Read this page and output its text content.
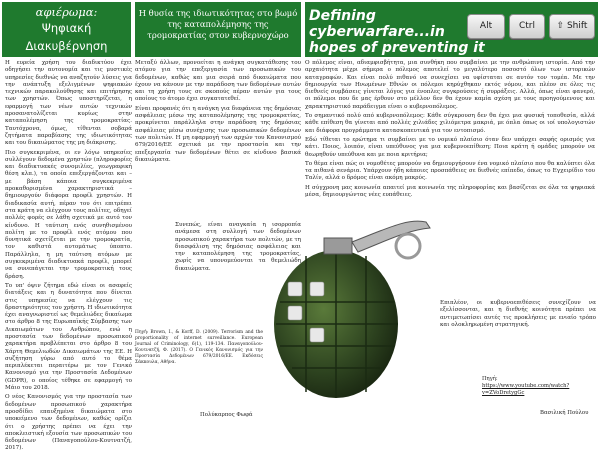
αφιέρωμα:
Ψηφιακή
Διακυβέρνηση
Η θυσία της ιδιωτικότητας στο βωμό της καταπολέμησης της τρομοκρατίας στον κυβερνοχώρο
Defining
cyberwarfare...in
hopes of preventing it
Alt	Ctrl	⇧ Shift

Η ευρεία χρήση του διαδικτύου έχει οδηγήσει την αυτονομία και τις μυστικές υπηρεσίες διεθνώς να αναζητούν λύσεις για την ανάπτυξη εξελιγμένων ψηφιακών τεχνικών παρακολούθησης και επιτήρησης των χρηστών. Όπως υποστηρίζεται, η εφαρμογή των νέων αυτών τεχνικών προσανατολίζεται κυρίως στην καταπολέμηση της τρομοκρατίας. Ταυτόχρονα, όμως, τίθενται σοβαρά ζητήματα παραβίασης της ιδιωτικότητας και του δικαιώματος της μη διάκρισης.

Πιο συγκεκριμένα, οι εν λόγω υπηρεσίες συλλέγουν δεδομένα χρηστών (πληροφορίες και διαδικτυακές συνομιλίες, γεωγραφική θέση κλπ.), τα οποία επεξεργάζονται και – με βάση κάποια συγκεκριμένα προκαθορισμένα χαρακτηριστικά – δημιουργούν διάφορα προφίλ χρηστών. Η διαδικασία αυτή, πέραν του ότι επιτρέπει στα κράτη να ελέγχουν τους πολίτες, οδηγεί πολλές φορές σε λάθη σχετικά με αυτό τον κίνδυνο. Η ταύτιση ενός συνηθισμένου πολίτη με το προφίλ ενός ατόμου που δυνητικά σχετίζεται με την τρομοκρατία, τον καθιστά αυτομάτως ύποπτο. Παράλληλα, η μη ταύτιση ατόμων με συγκεκριμένα διαδικτυακά προφίλ, μπορεί να συνεπάγεται την τρομοκρατική τους δράση.

Το υπ' όψιν ζήτημα εδώ είναι οι ασαφείς διατάξεις και η δυνατότητα που δίνεται στις υπηρεσίες να ελέγχουν τις δραστηριότητες του χρήστη. Η ιδιωτικότητα έχει αναγνωριστεί ως θεμελιώδες δικαίωμα στο άρθρο 8 της Ευρωπαϊκής Σύμβασης των Δικαιωμάτων του Ανθρώπου, ενώ η προστασία των δεδομένων προσωπικού χαρακτήρα προβλέπεται στο άρθρο 8 του Χάρτη Θεμελιωδών Δικαιωμάτων της ΕΕ. Η συζήτηση γύρω από αυτό το θέμα περιπλέκεται περαιτέρω με τον Γενικό Κανονισμό για την Προστασία Δεδομένων (GDPR), ο οποίος τέθηκε σε εφαρμογή το Μάιο του 2018.

Ο νέος Κανονισμός για την προστασία των δεδομένων προσωπικού χαρακτήρα προσδίδει επαυξημένα δικαιώματα στο υποκείμενο των δεδομένων, καθώς ορίζει ότι ο χρήστης πρέπει να έχει την αποκλειστική εξουσία των προσωπικών του δεδομένων (Παναγοπούλου-Κουτνατζή, 2017).

Μεταξύ άλλων, προνοείται η ανάγκη συγκατάθεσης του ατόμου για την επεξεργασία των προσωπικών του δεδομένων, καθώς και μια σειρά από δικαιώματα που έχουν να κάνουν με την παράδοση των δεδομένων αυτών και τη χρήση τους σε σκοπούς πέραν αυτών για τους οποίους το άτομο έχει συγκατατεθεί.

Είναι προφανές ότι η ανάγκη για διαφάνεια της δημόσιας ασφάλειας μέσω της καταπολέμησης της τρομοκρατίας, προκρίνεται παράλληλα στην παράδοση της δημόσιας ασφάλειας μέσω συνέχισης των προσωπικών δεδομένων των πολιτών. Η μη εφαρμογή των αρχών του Κανονισμού 679/2016/ΕΕ σχετικά με την προστασία και την επεξεργασία των δεδομένων θέτει σε κίνδυνο βασικά δικαιώματα.

Συνεπώς, είναι αναγκαία η ισορροπία ανάμεσα στη συλλογή των δεδομένων προσωπικού χαρακτήρα των πολιτών, με τη διασφάλιση της δημόσιας ασφάλειας και την καταπολέμηση της τρομοκρατίας, χωρίς να υπονομεύονται τα θεμελιώδη δικαιώματα.

Ο πόλεμος είναι, αδιαμφισβήτητα, μια συνθήκη που συμβαίνει με την ανθρώπινη ιστορία. Από την αρχαιότητα μέχρι σήμερα ο πόλεμος αποτελεί το μεγαλύτερο ποσοστό όλων των ιστορικών καταγραφών. Και είναι πολύ πιθανό να συνεχίσει να υφίσταται σε αυτόν τον τομέα. Με την δημιουργία των Ηνωμένων Εθνών οι πόλεμοι κηρύχθηκαν εκτός νόμου, και πλέον σε όλες τις διεθνείς συμβάσεις γίνεται λόγος για ένοπλες συγκρούσεις ή συρράξεις. Αλλά, όπως είναι φανερό, οι πόλεμοι που δε μας έρθουν στο μέλλον δεν θα έχουν καμία σχέση με τους προηγούμενους και χαρακτηριστικό παράδειγμα είναι ο κυβερνοπόλεμος.

Το σημαντικό πολύ από κυβερνοπόλεμος: Κάθε σύγκρουση δεν θα έχει μια φυσική τοποθεσία, αλλά κάθε επίθεση θα γίνεται από πολλές χιλιάδες χιλιόμετρα μακριά, με όπλα όπως οι ιοί υπολογιστών και διάφορα προγράμματα κατασκοπευτικά για τον εντοπισμό.

Εδώ τίθεται το ερώτημα τι συμβαίνει με το νομικό πλαίσιο όταν δεν υπάρχει σαφής ορισμός για κάτι. Ποιος, λοιπόν, είναι υπεύθυνος για μια κυβερνοεπίθεση; Ποια κράτη ή ομάδες μπορούν να θεωρηθούν υπεύθυνα και με ποια κριτήρια;

Το θέμα είναι πώς οι νομοθέτες μπορούν να δημιουργήσουν ένα νομικό πλαίσιο που θα καλύπτει όλα τα πιθανά σενάρια. Υπάρχουν ήδη κάποιες προσπάθειες σε διεθνές επίπεδο, όπως το Εγχειρίδιο του Ταλίν, αλλά ο δρόμος είναι ακόμη μακρύς.

Η σύγχρονη μας κοινωνία απαιτεί μια κοινωνία της πληροφορίας και βασίζεται σε όλα τα ψηφιακά μέσα, δημιουργώντας νέες ευπάθειες.

Επιπλέον, οι κυβερνοεπιθέσεις συνεχίζουν να εξελίσσονται, και η διεθνής κοινότητα πρέπει να αντιμετωπίσει αυτές τις προκλήσεις με ενιαίο τρόπο και ολοκληρωμένη στρατηγική.

Πηγή: Brown, I., & Korff, D. (2009). Terrorism and the proportionality of internet surveillance. European Journal of Criminology, 6(1), 119-134. Παναγοπούλου-Κουτνατζή, Φ. (2017). Ο Γενικός Κανονισμός για την Προστασία Δεδομένων 679/2016/ΕΕ. Εκδόσεις Σάκκουλα, Αθήνα.
Πηγή:
https://www.youtube.com/watch?v=ZVoDretygGc
Πολύκαρπος Φωφά	Βασιλική Πούλου
